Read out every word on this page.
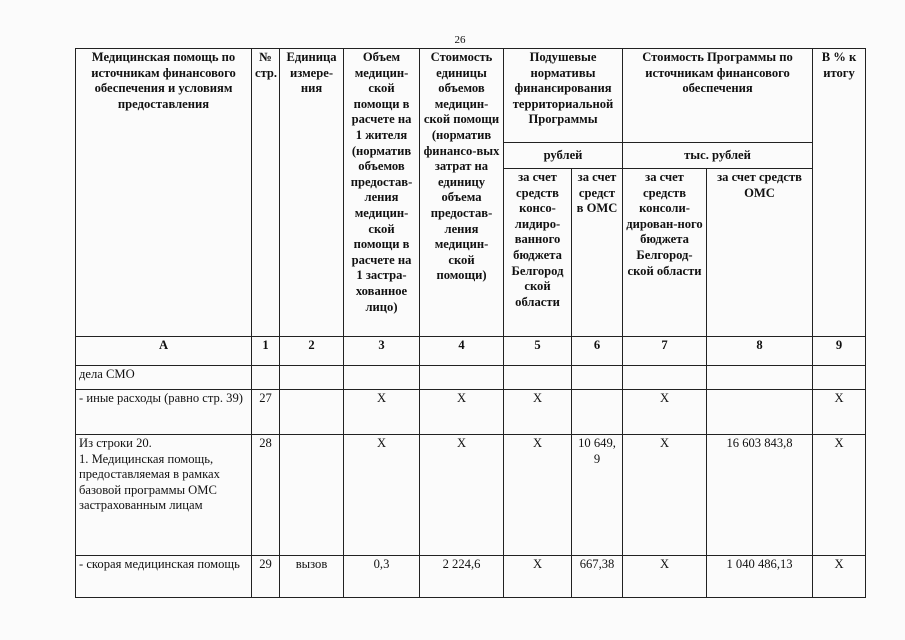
26
Медицинская помощь по источникам финансового обеспечения и условиям предоставления	№ стр.	Единица измере-ния	Объем медицин-ской помощи в расчете на 1 жителя (норматив объемов предостав-ления медицин-ской помощи в расчете на 1 застра-хованное лицо)	Стоимость единицы объемов медицин-ской помощи (норматив финансо-вых затрат на единицу объема предостав-ления медицин-ской помощи)	Подушевые нормативы финансирования территориальной Программы		Стоимость Программы по источникам финансового обеспечения		В % к итогу
					рублей		тыс. рублей		
					за счет средств консо-лидиро-ванного бюджета Белгород ской области	за счет средст в ОМС	за счет средств консоли-дирован-ного бюджета Белгород-ской области	за счет средств ОМС	
А	1	2	3	4	5	6	7	8	9
дела СМО									
- иные расходы (равно стр. 39)	27		Х	Х	Х		Х		Х
Из строки 20.
1. Медицинская помощь, предоставляемая в рамках базовой программы ОМС застрахованным лицам	28		Х	Х	Х	10 649,9	Х	16 603 843,8	Х
- скорая медицинская помощь	29	вызов	0,3	2 224,6	Х	667,38	Х	1 040 486,13	Х
